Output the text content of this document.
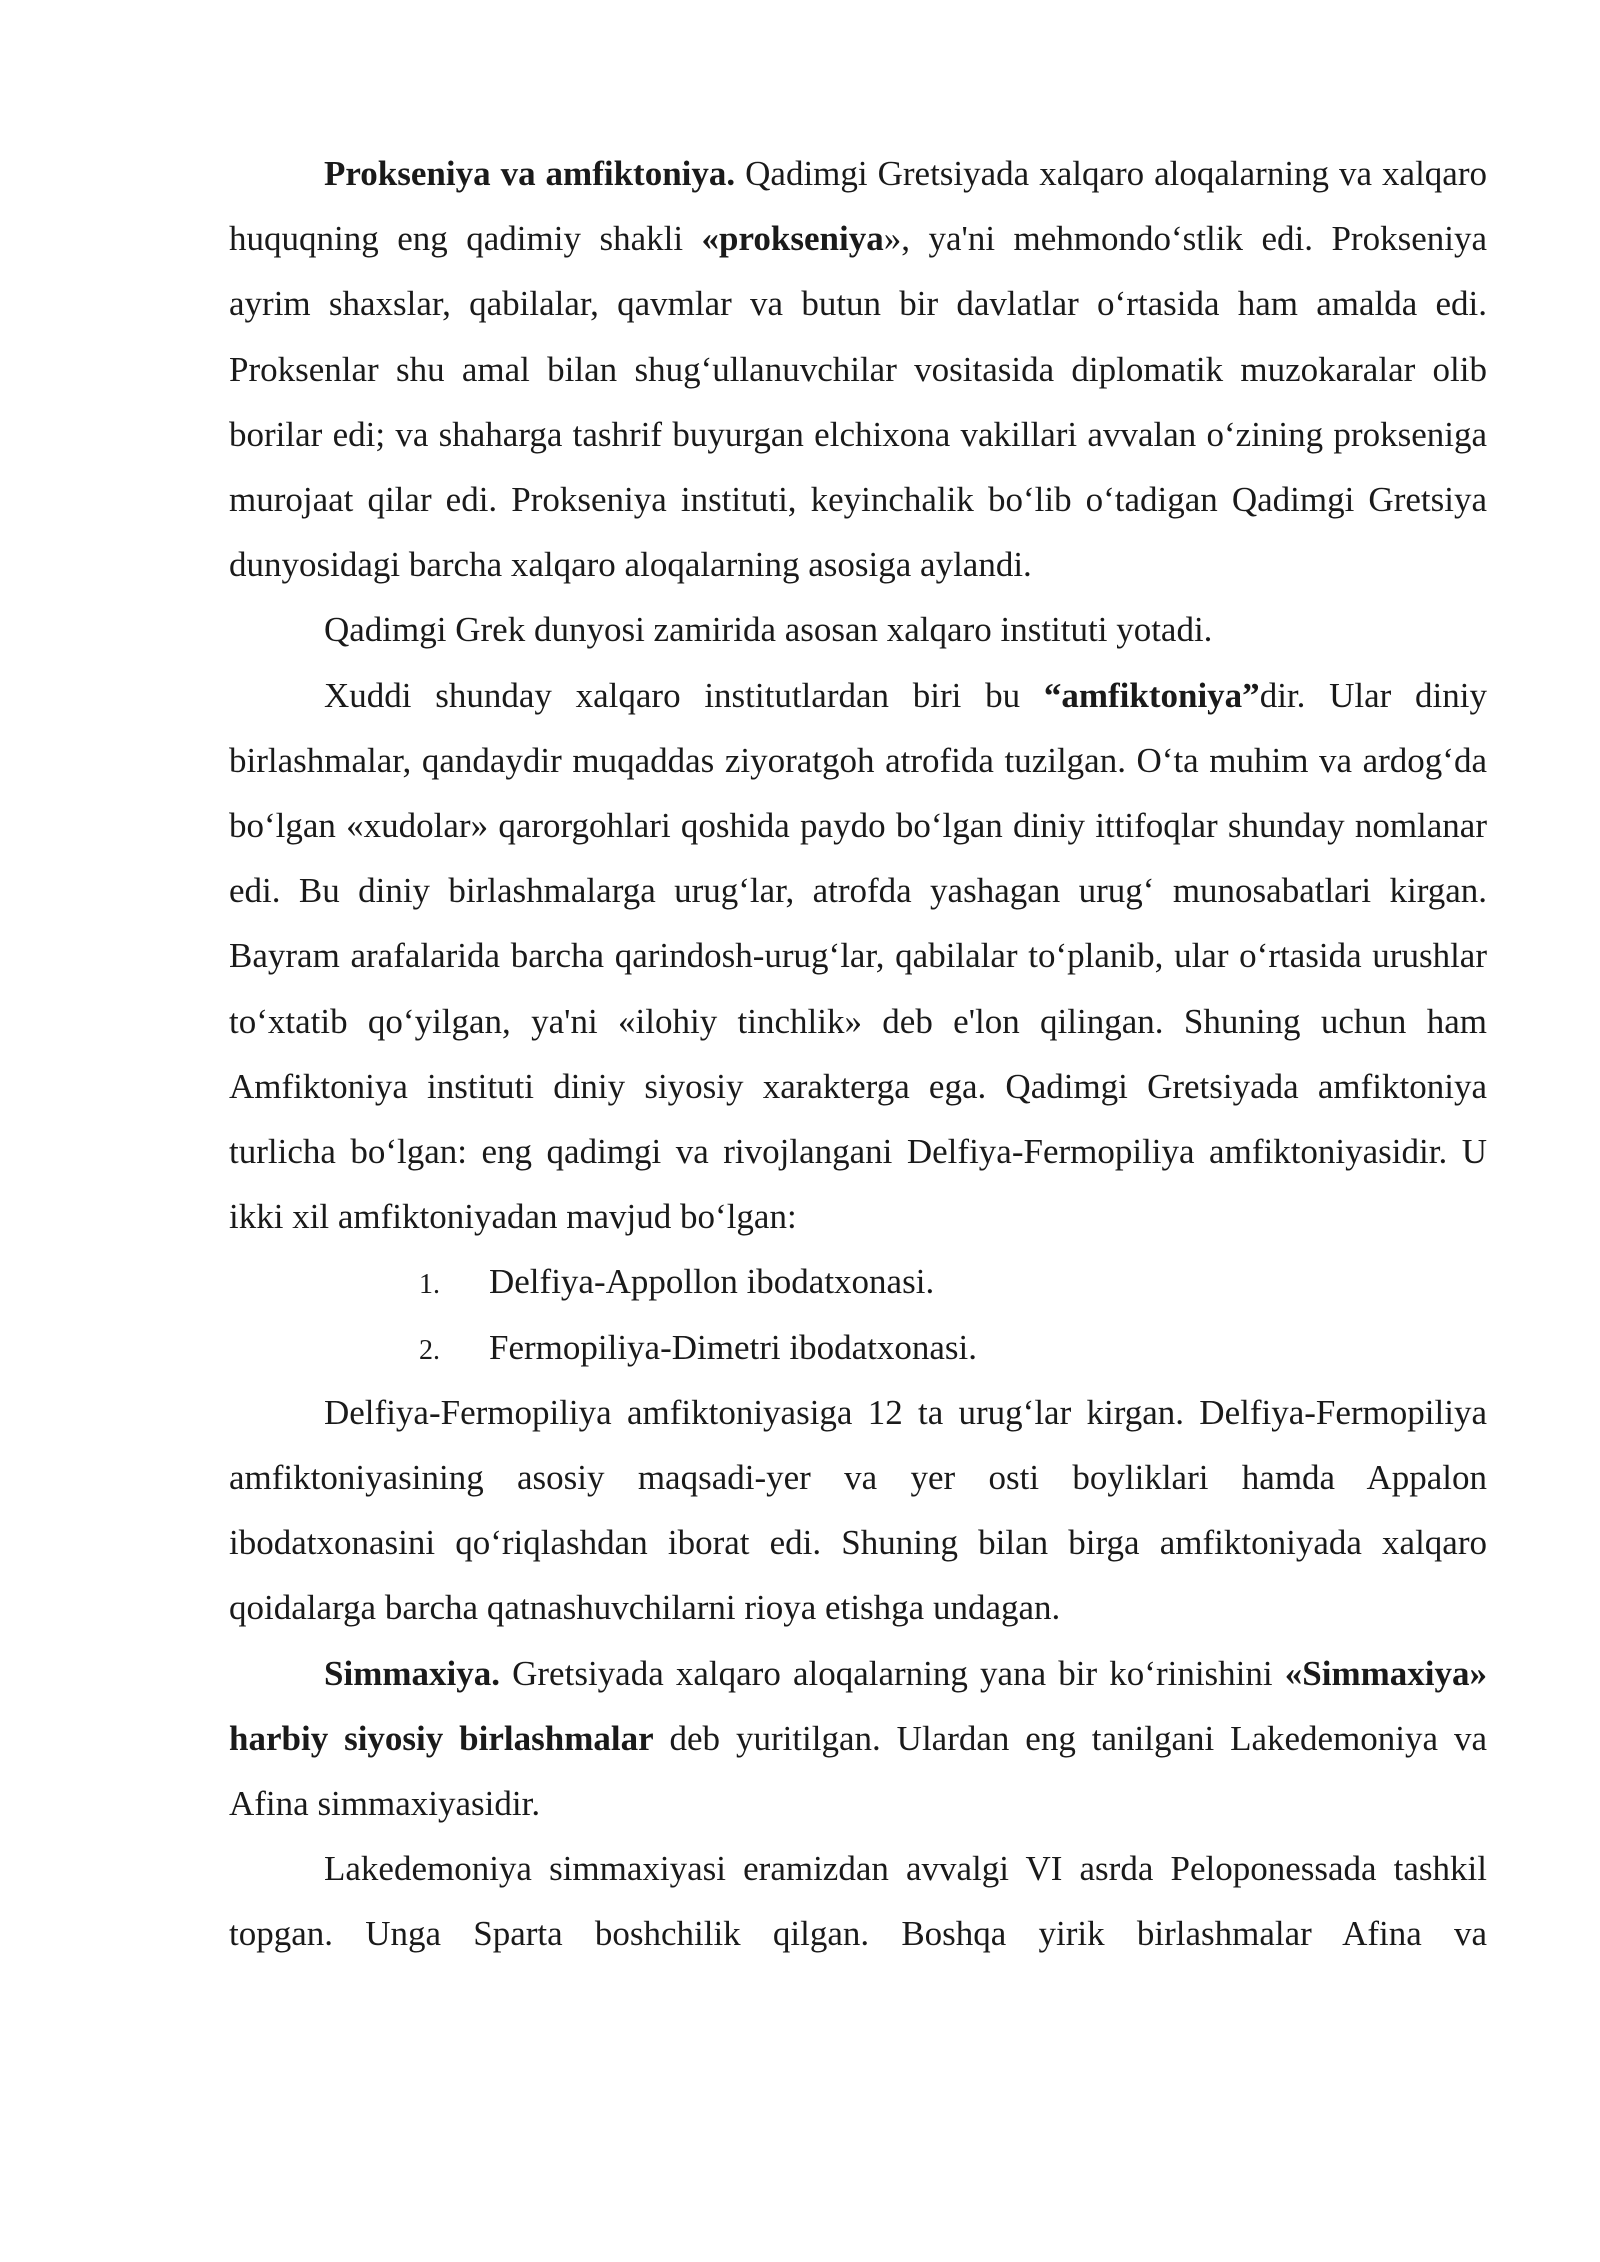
Prokseniya va amfiktoniya. Qadimgi Gretsiyada xalqaro aloqalarning va xalqaro huquqning eng qadimiy shakli «prokseniya», ya'ni mehmondo‘stlik edi. Prokseniya ayrim shaxslar, qabilalar, qavmlar va butun bir davlatlar o‘rtasida ham amalda edi. Proksenlar shu amal bilan shug‘ullanuvchilar vositasida diplomatik muzokaralar olib borilar edi; va shaharga tashrif buyurgan elchixona vakillari avvalan o‘zining prokseniga murojaat qilar edi. Prokseniya instituti, keyinchalik bo‘lib o‘tadigan Qadimgi Gretsiya dunyosidagi barcha xalqaro aloqalarning asosiga aylandi.

Qadimgi Grek dunyosi zamirida asosan xalqaro instituti yotadi.

Xuddi shunday xalqaro institutlardan biri bu “amfiktoniya”dir. Ular diniy birlashmalar, qandaydir muqaddas ziyoratgoh atrofida tuzilgan. O‘ta muhim va ardog‘da bo‘lgan «xudolar» qarorgohlari qoshida paydo bo‘lgan diniy ittifoqlar shunday nomlanar edi. Bu diniy birlashmalarga urug‘lar, atrofda yashagan urug‘ munosabatlari kirgan. Bayram arafalarida barcha qarindosh-urug‘lar, qabilalar to‘planib, ular o‘rtasida urushlar to‘xtatib qo‘yilgan, ya'ni «ilohiy tinchlik» deb e'lon qilingan. Shuning uchun ham Amfiktoniya instituti diniy siyosiy xarakterga ega. Qadimgi Gretsiyada amfiktoniya turlicha bo‘lgan: eng qadimgi va rivojlangani Delfiya-Fermopiliya amfiktoniyasidir. U ikki xil amfiktoniyadan mavjud bo‘lgan:

1.	Delfiya-Appollon ibodatxonasi.
2.	Fermopiliya-Dimetri ibodatxonasi.

Delfiya-Fermopiliya amfiktoniyasiga 12 ta urug‘lar kirgan. Delfiya-Fermopiliya amfiktoniyasining asosiy maqsadi-yer va yer osti boyliklari hamda Appalon ibodatxonasini qo‘riqlashdan iborat edi. Shuning bilan birga amfiktoniyada xalqaro qoidalarga barcha qatnashuvchilarni rioya etishga undagan.

Simmaxiya. Gretsiyada xalqaro aloqalarning yana bir ko‘rinishini «Simmaxiya» harbiy siyosiy birlashmalar deb yuritilgan. Ulardan eng tanilgani Lakedemoniya va Afina simmaxiyasidir.

Lakedemoniya simmaxiyasi eramizdan avvalgi VI asrda Peloponessada tashkil topgan. Unga Sparta boshchilik qilgan. Boshqa yirik birlashmalar Afina va
